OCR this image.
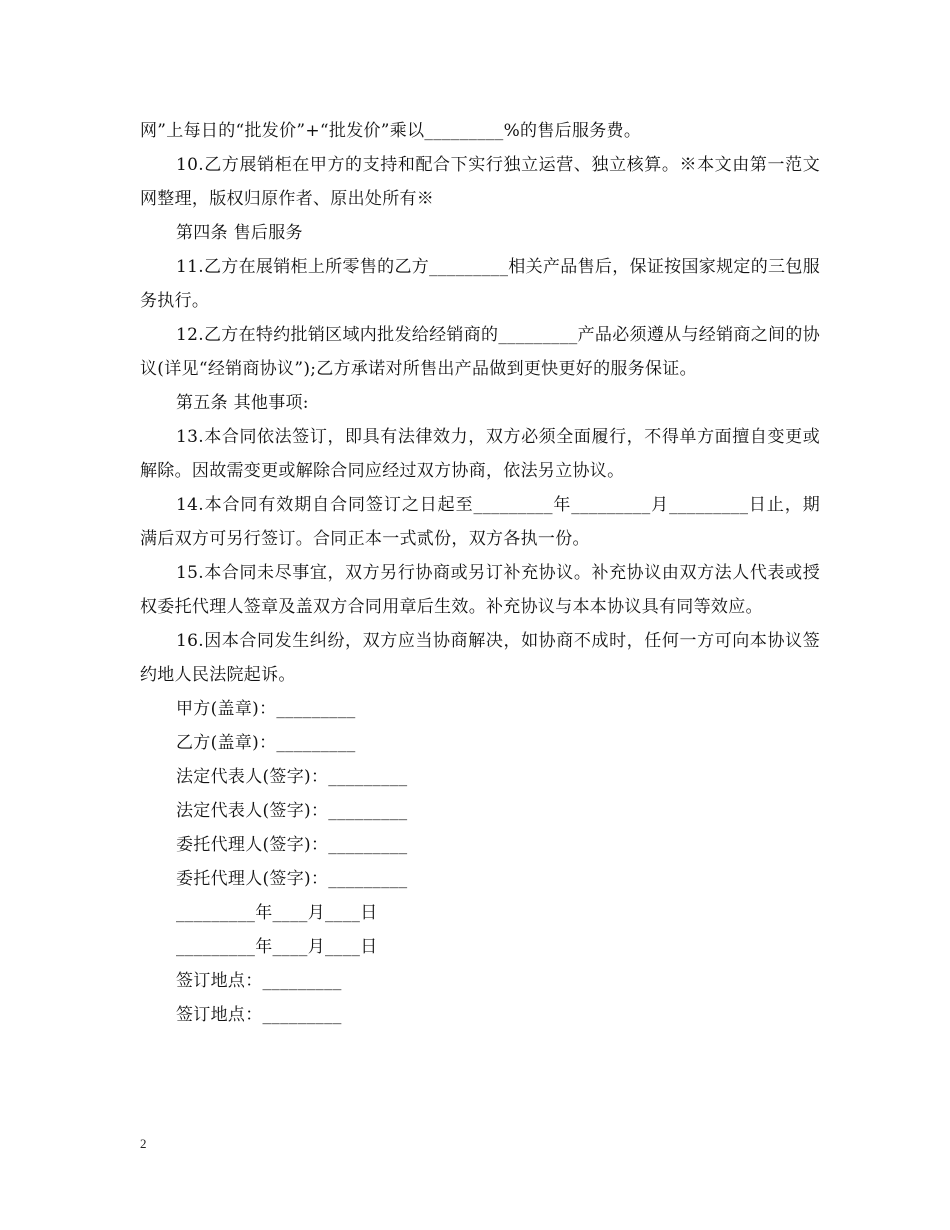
网”上每日的“批发价”+“批发价”乘以_________%的售后服务费。

10.乙方展销柜在甲方的支持和配合下实行独立运营、独立核算。※本文由第一范文网整理，版权归原作者、原出处所有※

第四条 售后服务

11.乙方在展销柜上所零售的乙方_________相关产品售后，保证按国家规定的三包服务执行。

12.乙方在特约批销区域内批发给经销商的_________产品必须遵从与经销商之间的协议(详见“经销商协议”);乙方承诺对所售出产品做到更快更好的服务保证。

第五条 其他事项:

13.本合同依法签订，即具有法律效力，双方必须全面履行，不得单方面擅自变更或解除。因故需变更或解除合同应经过双方协商，依法另立协议。

14.本合同有效期自合同签订之日起至_________年_________月_________日止，期满后双方可另行签订。合同正本一式贰份，双方各执一份。

15.本合同未尽事宜，双方另行协商或另订补充协议。补充协议由双方法人代表或授权委托代理人签章及盖双方合同用章后生效。补充协议与本本协议具有同等效应。

16.因本合同发生纠纷，双方应当协商解决，如协商不成时，任何一方可向本协议签约地人民法院起诉。

甲方(盖章)：_________

乙方(盖章)：_________

法定代表人(签字)：_________

法定代表人(签字)：_________

委托代理人(签字)：_________

委托代理人(签字)：_________

_________年____月____日

_________年____月____日

签订地点：_________

签订地点：_________

2
